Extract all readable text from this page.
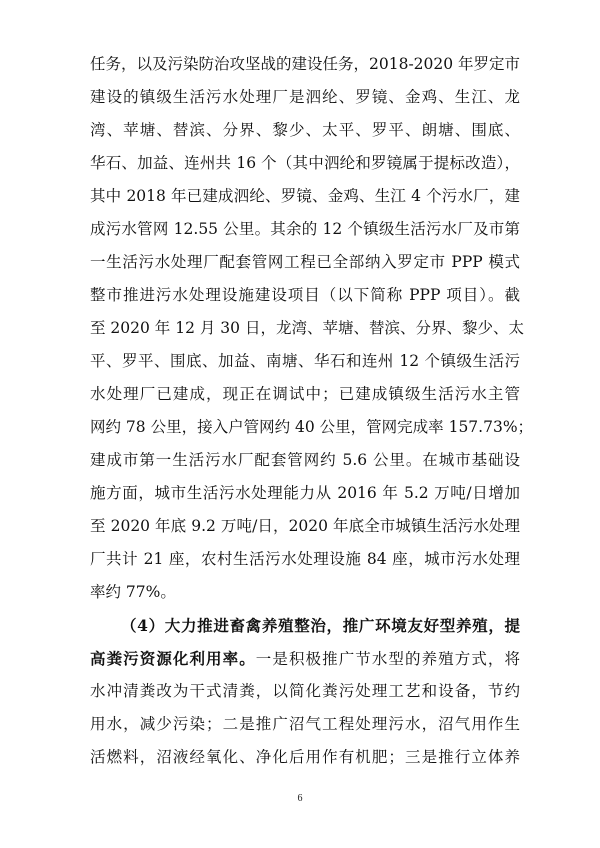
任务，以及污染防治攻坚战的建设任务，2018-2020 年罗定市
建设的镇级生活污水处理厂是泗纶、罗镜、金鸡、生江、龙
湾、苹塘、替滨、分界、黎少、太平、罗平、朗塘、围底、
华石、加益、连州共 16 个（其中泗纶和罗镜属于提标改造），
其中 2018 年已建成泗纶、罗镜、金鸡、生江 4 个污水厂，建
成污水管网 12.55 公里。其余的 12 个镇级生活污水厂及市第
一生活污水处理厂配套管网工程已全部纳入罗定市 PPP 模式
整市推进污水处理设施建设项目（以下简称 PPP 项目）。截
至 2020 年 12 月 30 日，龙湾、苹塘、替滨、分界、黎少、太
平、罗平、围底、加益、南塘、华石和连州 12 个镇级生活污
水处理厂已建成，现正在调试中；已建成镇级生活污水主管
网约 78 公里，接入户管网约 40 公里，管网完成率 157.73%；
建成市第一生活污水厂配套管网约 5.6 公里。在城市基础设
施方面，城市生活污水处理能力从 2016 年 5.2 万吨/日增加
至 2020 年底 9.2 万吨/日，2020 年底全市城镇生活污水处理
厂共计 21 座，农村生活污水处理设施 84 座，城市污水处理
率约 77%。
（4）大力推进畜禽养殖整治，推广环境友好型养殖，提
高粪污资源化利用率。一是积极推广节水型的养殖方式，将
水冲清粪改为干式清粪，以简化粪污处理工艺和设备，节约
用水，减少污染；二是推广沼气工程处理污水，沼气用作生
活燃料，沼液经氧化、净化后用作有机肥；三是推行立体养
6
